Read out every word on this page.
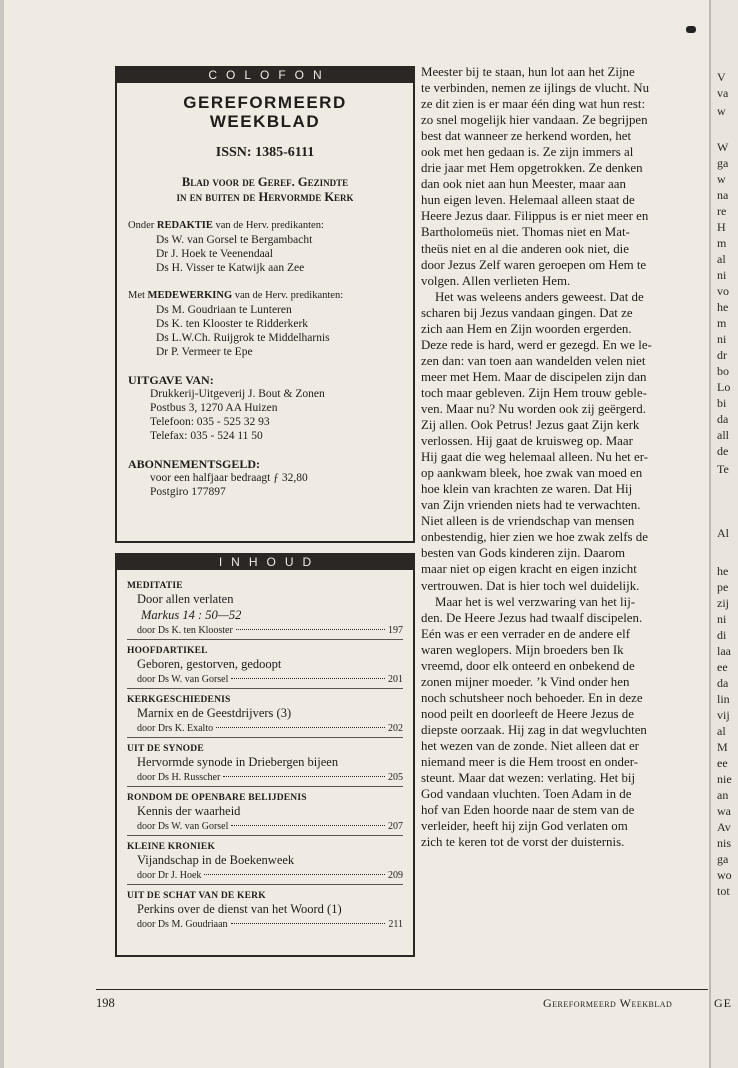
COLOFON
GEREFORMEERD
WEEKBLAD
ISSN: 1385-6111
Blad voor de Geref. Gezindte
in en buiten de Hervormde Kerk
Onder REDAKTIE van de Herv. predikanten:
Ds W. van Gorsel te Bergambacht
Dr J. Hoek te Veenendaal
Ds H. Visser te Katwijk aan Zee
Met MEDEWERKING van de Herv. predikanten:
Ds M. Goudriaan te Lunteren
Ds K. ten Klooster te Ridderkerk
Ds L.W.Ch. Ruijgrok te Middelharnis
Dr P. Vermeer te Epe
UITGAVE VAN:
Drukkerij-Uitgeverij J. Bout & Zonen
Postbus 3, 1270 AA Huizen
Telefoon: 035 - 525 32 93
Telefax: 035 - 524 11 50
ABONNEMENTSGELD:
voor een halfjaar bedraagt ƒ 32,80
Postgiro 177897
INHOUD
MEDITATIE
Door allen verlaten
Markus 14 : 50—52
door Ds K. ten Klooster	197
HOOFDARTIKEL
Geboren, gestorven, gedoopt
door Ds W. van Gorsel	201
KERKGESCHIEDENIS
Marnix en de Geestdrijvers (3)
door Drs K. Exalto	202
UIT DE SYNODE
Hervormde synode in Driebergen bijeen
door Ds H. Russcher	205
RONDOM DE OPENBARE BELIJDENIS
Kennis der waarheid
door Ds W. van Gorsel	207
KLEINE KRONIEK
Vijandschap in de Boekenweek
door Dr J. Hoek	209
UIT DE SCHAT VAN DE KERK
Perkins over de dienst van het Woord (1)
door Ds M. Goudriaan	211
Meester bij te staan, hun lot aan het Zijne
te verbinden, nemen ze ijlings de vlucht. Nu
ze dit zien is er maar één ding wat hun rest:
zo snel mogelijk hier vandaan. Ze begrijpen
best dat wanneer ze herkend worden, het
ook met hen gedaan is. Ze zijn immers al
drie jaar met Hem opgetrokken. Ze denken
dan ook niet aan hun Meester, maar aan
hun eigen leven. Helemaal alleen staat de
Heere Jezus daar. Filippus is er niet meer en
Bartholomeüs niet. Thomas niet en Mat-
theüs niet en al die anderen ook niet, die
door Jezus Zelf waren geroepen om Hem te
volgen. Allen verlieten Hem.
Het was weleens anders geweest. Dat de
scharen bij Jezus vandaan gingen. Dat ze
zich aan Hem en Zijn woorden ergerden.
Deze rede is hard, werd er gezegd. En we le-
zen dan: van toen aan wandelden velen niet
meer met Hem. Maar de discipelen zijn dan
toch maar gebleven. Zijn Hem trouw geble-
ven. Maar nu? Nu worden ook zij geërgerd.
Zij allen. Ook Petrus! Jezus gaat Zijn kerk
verlossen. Hij gaat de kruisweg op. Maar
Hij gaat die weg helemaal alleen. Nu het er-
op aankwam bleek, hoe zwak van moed en
hoe klein van krachten ze waren. Dat Hij
van Zijn vrienden niets had te verwachten.
Niet alleen is de vriendschap van mensen
onbestendig, hier zien we hoe zwak zelfs de
besten van Gods kinderen zijn. Daarom
maar niet op eigen kracht en eigen inzicht
vertrouwen. Dat is hier toch wel duidelijk.
Maar het is wel verzwaring van het lij-
den. De Heere Jezus had twaalf discipelen.
Eén was er een verrader en de andere elf
waren weglopers. Mijn broeders ben Ik
vreemd, door elk onteerd en onbekend de
zonen mijner moeder. ’k Vind onder hen
noch schutsheer noch behoeder. En in deze
nood peilt en doorleeft de Heere Jezus de
diepste oorzaak. Hij zag in dat wegvluchten
het wezen van de zonde. Niet alleen dat er
niemand meer is die Hem troost en onder-
steunt. Maar dat wezen: verlating. Het bij
God vandaan vluchten. Toen Adam in de
hof van Eden hoorde naar de stem van de
verleider, heeft hij zijn God verlaten om
zich te keren tot de vorst der duisternis.
GE
V
va
w
W
ga
w
na
re
H
m
al
ni
vo
he
m
ni
dr
bo
Lo
bi
da
all
de
Te
Al
he
pe
zij
ni
di
laa
ee
da
lin
vij
al
M
ee
nie
an
wa
Av
nis
ga
wo
tot
198	Gereformeerd Weekblad
